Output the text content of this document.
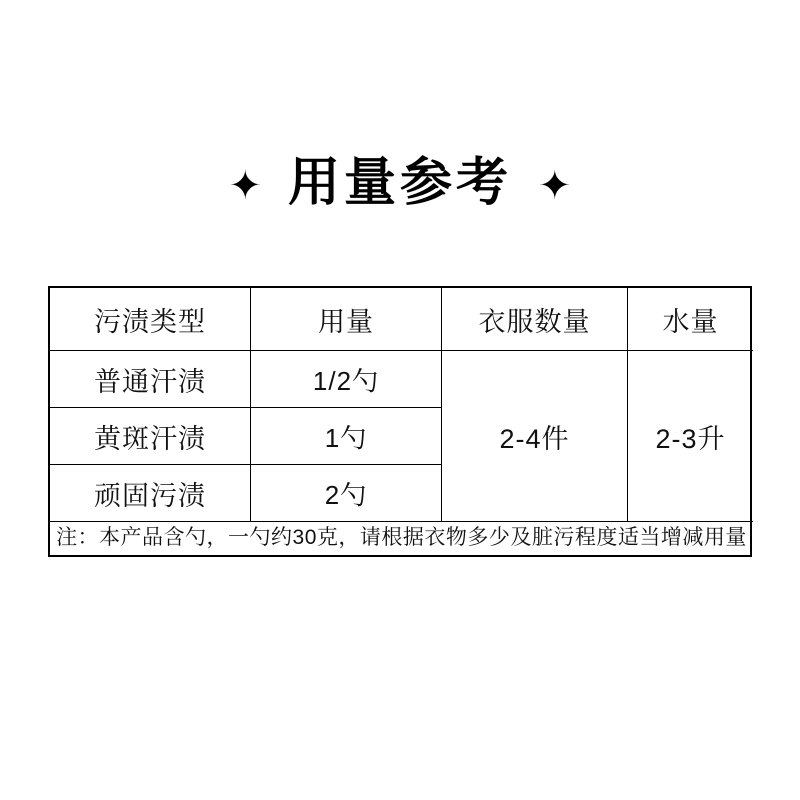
✦ 用量参考 ✦
污渍类型	用量	衣服数量	水量
普通汗渍	1/2勺	2-4件	2-3升
黄斑汗渍	1勺		
顽固污渍	2勺		
注：本产品含勺，一勺约30克，请根据衣物多少及脏污程度适当增减用量			
